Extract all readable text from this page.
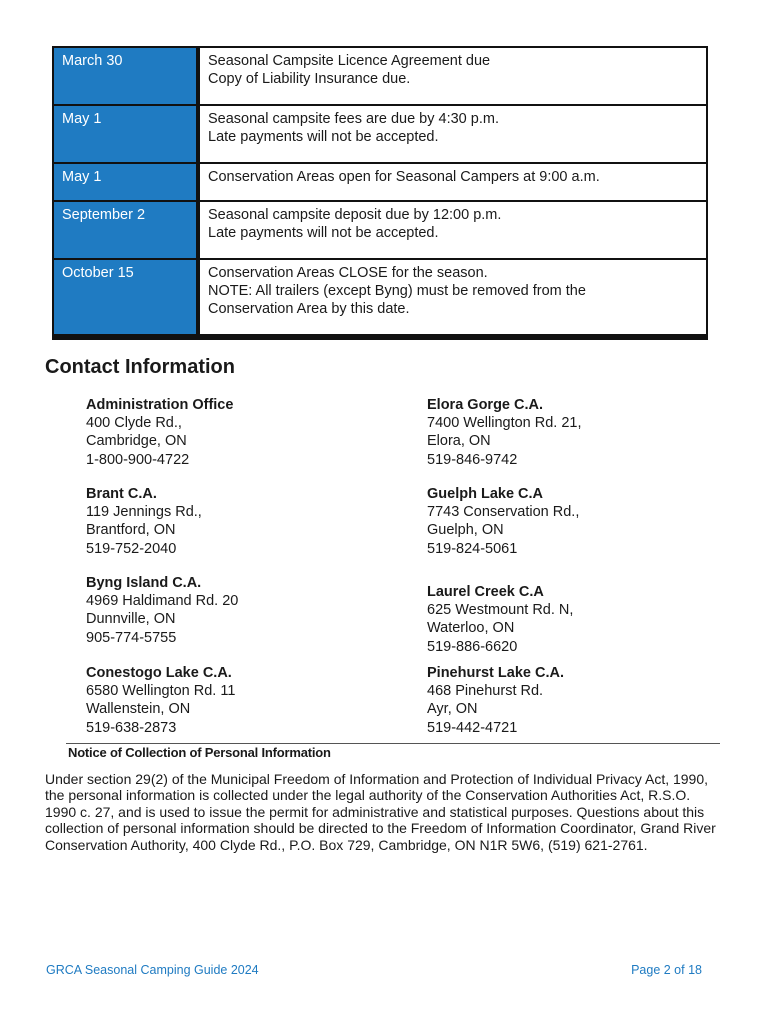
March 30	Seasonal Campsite Licence Agreement due
Copy of Liability Insurance due.
May 1	Seasonal campsite fees are due by 4:30 p.m.
Late payments will not be accepted.
May 1	Conservation Areas open for Seasonal Campers at 9:00 a.m.
September 2	Seasonal campsite deposit due by 12:00 p.m.
Late payments will not be accepted.
October 15	Conservation Areas CLOSE for the season.
NOTE: All trailers (except Byng) must be removed from the
Conservation Area by this date.
Contact Information
Administration Office
400 Clyde Rd.,
Cambridge, ON
1-800-900-4722
Elora Gorge C.A.
7400 Wellington Rd. 21,
Elora, ON
519-846-9742
Brant C.A.
119 Jennings Rd.,
Brantford, ON
519-752-2040
Guelph Lake C.A
7743 Conservation Rd.,
Guelph, ON
519-824-5061
Byng Island C.A.
4969 Haldimand Rd. 20
Dunnville, ON
905-774-5755
Laurel Creek C.A
625 Westmount Rd. N,
Waterloo, ON
519-886-6620
Conestogo Lake C.A.
6580 Wellington Rd. 11
Wallenstein, ON
519-638-2873
Pinehurst Lake C.A.
468 Pinehurst Rd.
Ayr, ON
519-442-4721
Notice of Collection of Personal Information
Under section 29(2) of the Municipal Freedom of Information and Protection of Individual Privacy Act, 1990, the personal information is collected under the legal authority of the Conservation Authorities Act, R.S.O. 1990 c. 27, and is used to issue the permit for administrative and statistical purposes. Questions about this collection of personal information should be directed to the Freedom of Information Coordinator, Grand River Conservation Authority, 400 Clyde Rd., P.O. Box 729, Cambridge, ON N1R 5W6, (519) 621-2761.
GRCA Seasonal Camping Guide 2024	Page 2 of 18
